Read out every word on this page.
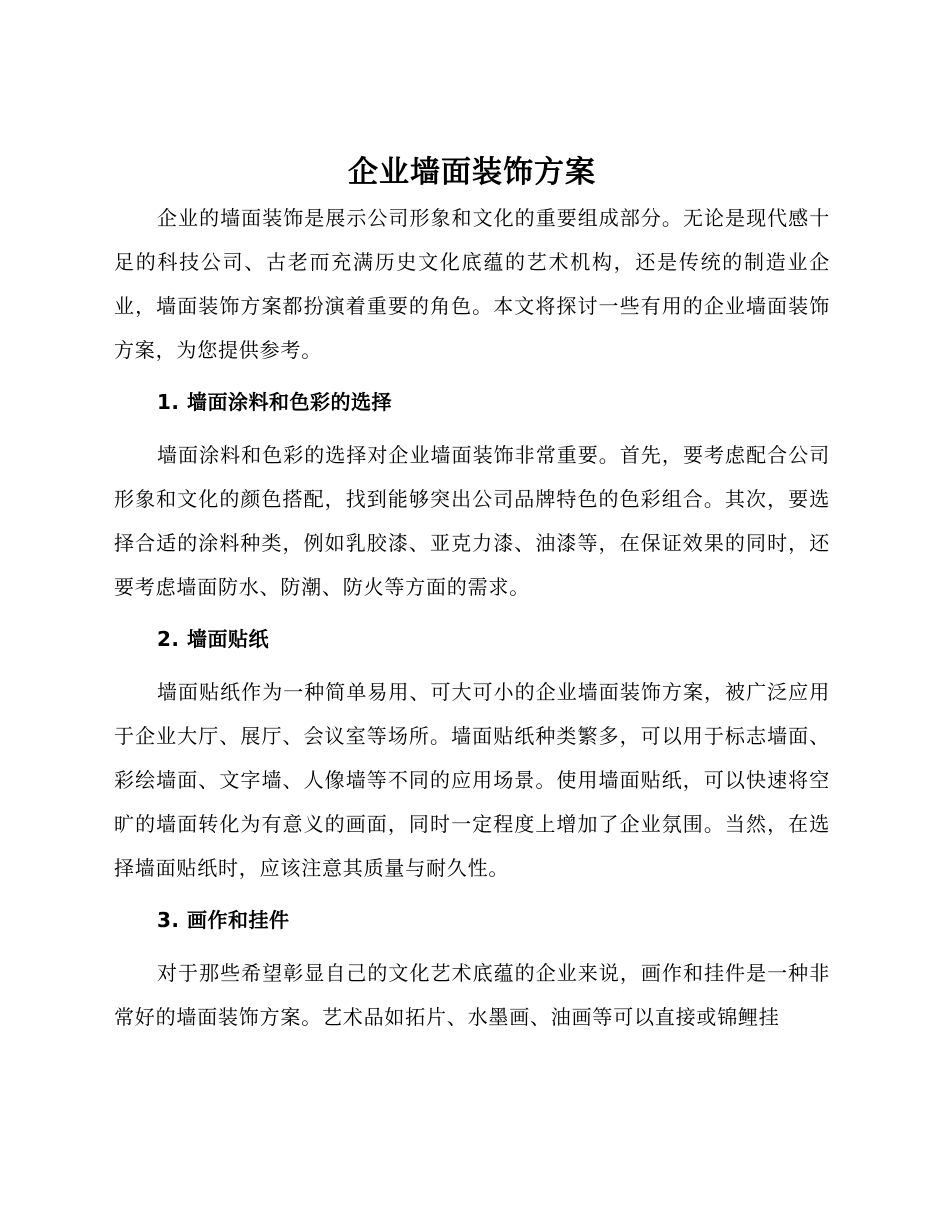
企业墙面装饰方案

企业的墙面装饰是展示公司形象和文化的重要组成部分。无论是现代感十足的科技公司、古老而充满历史文化底蕴的艺术机构，还是传统的制造业企业，墙面装饰方案都扮演着重要的角色。本文将探讨一些有用的企业墙面装饰方案，为您提供参考。

1. 墙面涂料和色彩的选择

墙面涂料和色彩的选择对企业墙面装饰非常重要。首先，要考虑配合公司形象和文化的颜色搭配，找到能够突出公司品牌特色的色彩组合。其次，要选择合适的涂料种类，例如乳胶漆、亚克力漆、油漆等，在保证效果的同时，还要考虑墙面防水、防潮、防火等方面的需求。

2. 墙面贴纸

墙面贴纸作为一种简单易用、可大可小的企业墙面装饰方案，被广泛应用于企业大厅、展厅、会议室等场所。墙面贴纸种类繁多，可以用于标志墙面、彩绘墙面、文字墙、人像墙等不同的应用场景。使用墙面贴纸，可以快速将空旷的墙面转化为有意义的画面，同时一定程度上增加了企业氛围。当然，在选择墙面贴纸时，应该注意其质量与耐久性。

3. 画作和挂件

对于那些希望彰显自己的文化艺术底蕴的企业来说，画作和挂件是一种非常好的墙面装饰方案。艺术品如拓片、水墨画、油画等可以直接或锦鲤挂
